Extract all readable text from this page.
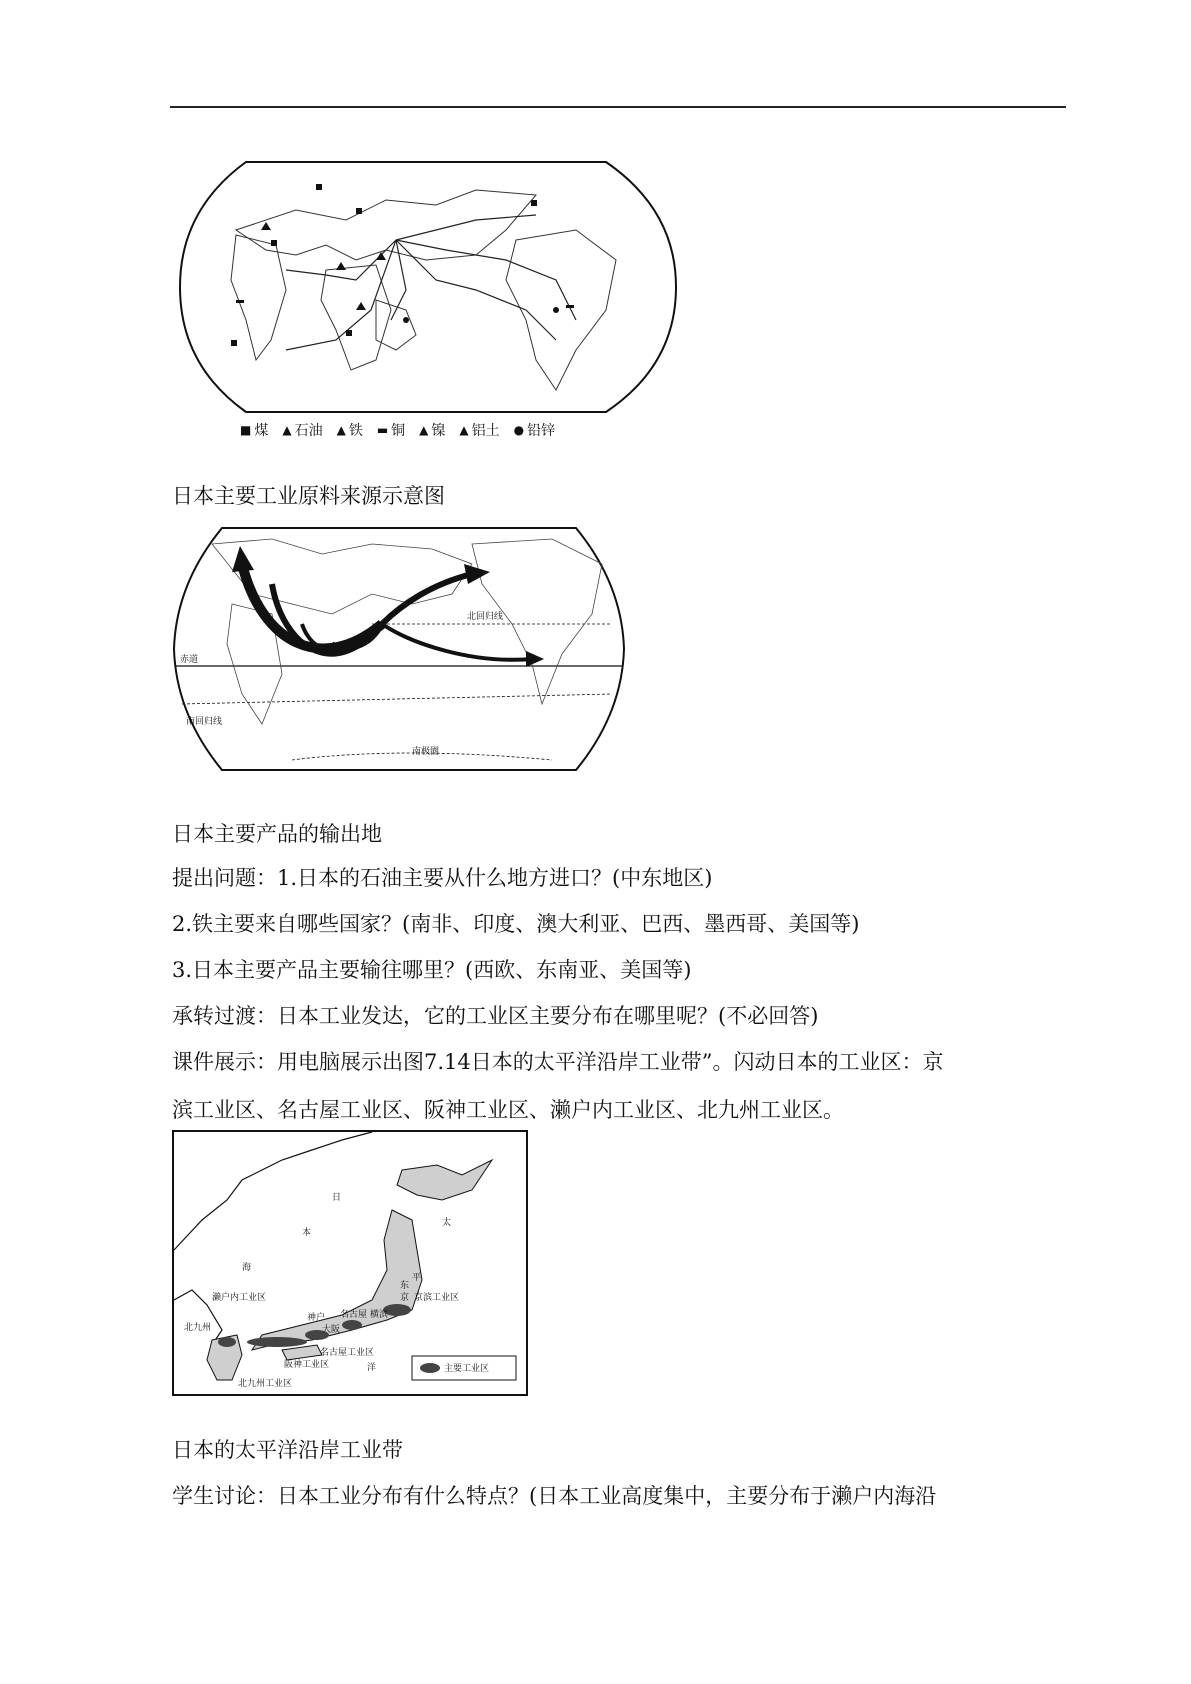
■ 煤 ▲ 石油 ▲ 铁 ▬ 铜 ▲ 镍 ▲ 铝土 ● 铅锌
日本主要工业原料来源示意图
赤道
北回归线
南回归线
南极圈
日本主要产品的输出地
提出问题：1.日本的石油主要从什么地方进口？(中东地区)
2.铁主要来自哪些国家？(南非、印度、澳大利亚、巴西、墨西哥、美国等)
3.日本主要产品主要输往哪里？(西欧、东南亚、美国等)
承转过渡：日本工业发达，它的工业区主要分布在哪里呢？(不必回答)
课件展示：用电脑展示出图7.14日本的太平洋沿岸工业带”。闪动日本的工业区：京
滨工业区、名古屋工业区、阪神工业区、濑户内工业区、北九州工业区。
日
本
海
太
平
洋
濑户内工业区	京滨工业区
名古屋工业区
名古屋
阪神工业区
北九州工业区
北九州
神户
大阪
横滨
东
京
主要工业区
日本的太平洋沿岸工业带
学生讨论：日本工业分布有什么特点？(日本工业高度集中，主要分布于濑户内海沿
